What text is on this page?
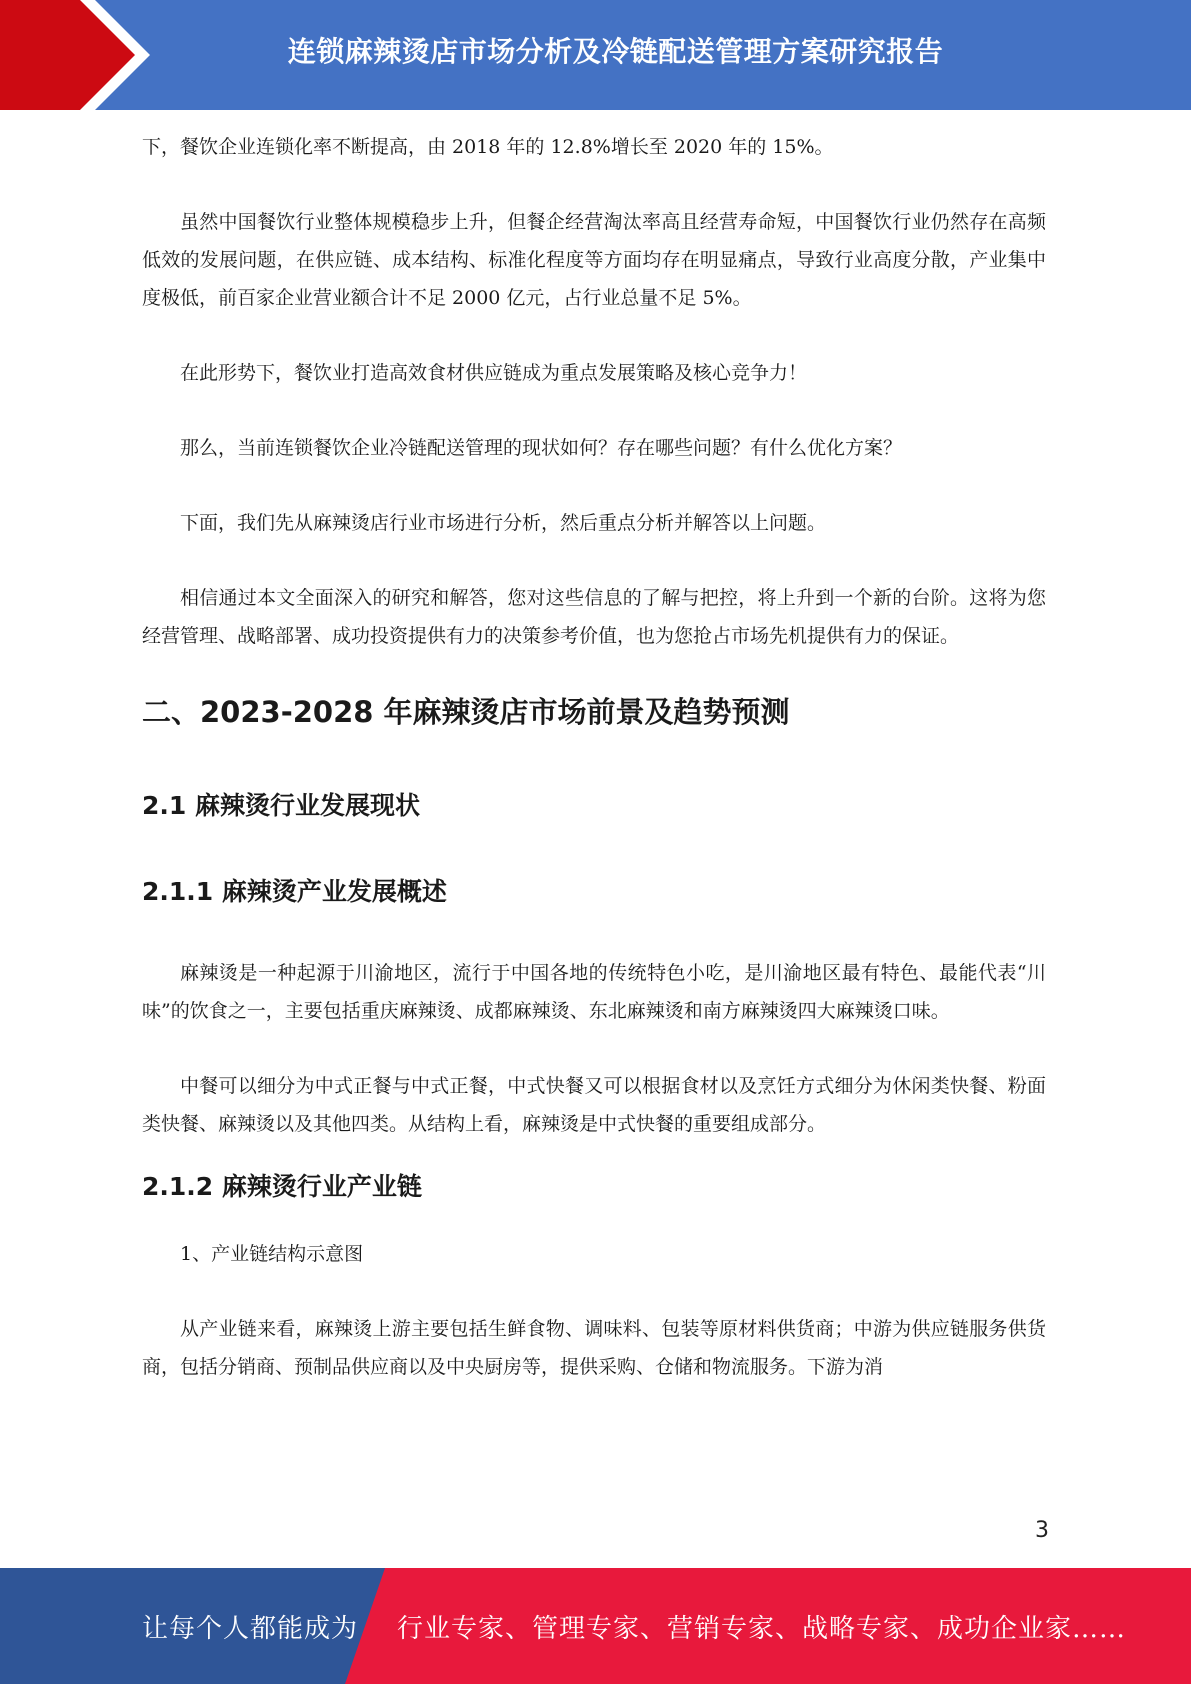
连锁麻辣烫店市场分析及冷链配送管理方案研究报告

下，餐饮企业连锁化率不断提高，由 2018 年的 12.8%增长至 2020 年的 15%。

虽然中国餐饮行业整体规模稳步上升，但餐企经营淘汰率高且经营寿命短，中国餐饮行业仍然存在高频低效的发展问题，在供应链、成本结构、标准化程度等方面均存在明显痛点，导致行业高度分散，产业集中度极低，前百家企业营业额合计不足 2000 亿元，占行业总量不足 5%。

在此形势下，餐饮业打造高效食材供应链成为重点发展策略及核心竞争力！

那么，当前连锁餐饮企业冷链配送管理的现状如何？存在哪些问题？有什么优化方案？

下面，我们先从麻辣烫店行业市场进行分析，然后重点分析并解答以上问题。

相信通过本文全面深入的研究和解答，您对这些信息的了解与把控，将上升到一个新的台阶。这将为您经营管理、战略部署、成功投资提供有力的决策参考价值，也为您抢占市场先机提供有力的保证。

二、2023-2028 年麻辣烫店市场前景及趋势预测
2.1 麻辣烫行业发展现状
2.1.1 麻辣烫产业发展概述

麻辣烫是一种起源于川渝地区，流行于中国各地的传统特色小吃，是川渝地区最有特色、最能代表“川味”的饮食之一，主要包括重庆麻辣烫、成都麻辣烫、东北麻辣烫和南方麻辣烫四大麻辣烫口味。

中餐可以细分为中式正餐与中式正餐，中式快餐又可以根据食材以及烹饪方式细分为休闲类快餐、粉面类快餐、麻辣烫以及其他四类。从结构上看，麻辣烫是中式快餐的重要组成部分。

2.1.2 麻辣烫行业产业链

1、产业链结构示意图

从产业链来看，麻辣烫上游主要包括生鲜食物、调味料、包装等原材料供货商；中游为供应链服务供货商，包括分销商、预制品供应商以及中央厨房等，提供采购、仓储和物流服务。下游为消

3
让每个人都能成为 行业专家、管理专家、营销专家、战略专家、成功企业家……
